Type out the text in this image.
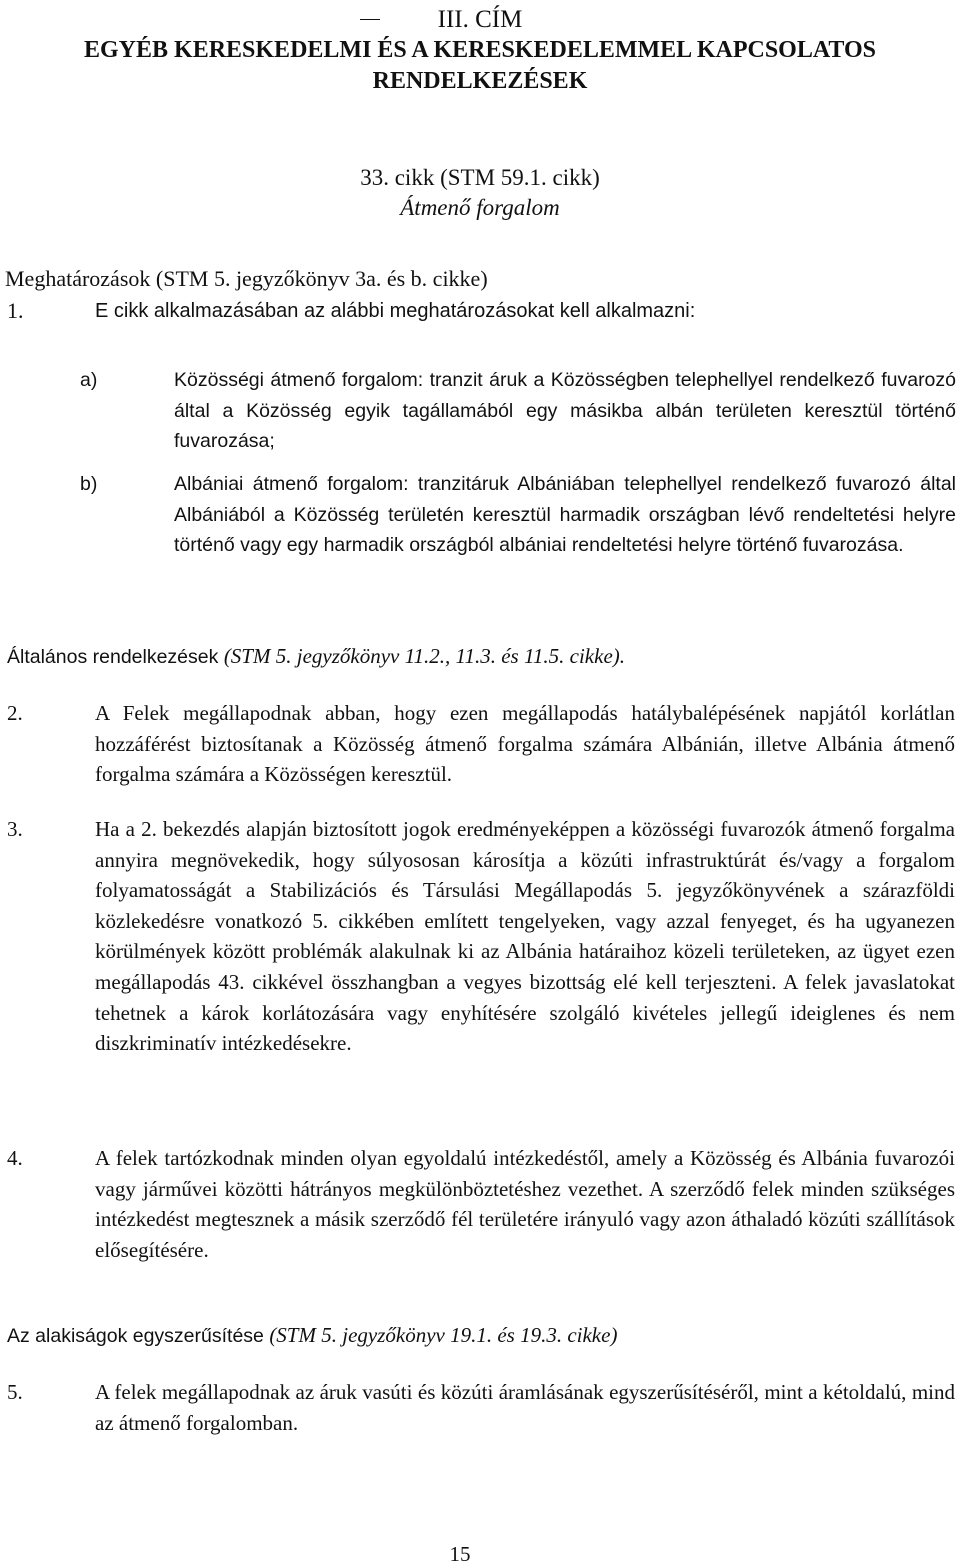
III. CÍM
EGYÉB KERESKEDELMI ÉS A KERESKEDELEMMEL KAPCSOLATOS
RENDELKEZÉSEK
33. cikk (STM 59.1. cikk)
Átmenő forgalom
Meghatározások (STM 5. jegyzőkönyv 3a. és b. cikke)
1.	E cikk alkalmazásában az alábbi meghatározásokat kell alkalmazni:
a)	Közösségi átmenő forgalom: tranzit áruk a Közösségben telephellyel rendelkező fuvarozó által a Közösség egyik tagállamából egy másikba albán területen keresztül történő fuvarozása;
b)	Albániai átmenő forgalom: tranzitáruk Albániában telephellyel rendelkező fuvarozó által Albániából a Közösség területén keresztül harmadik országban lévő rendeltetési helyre történő vagy egy harmadik országból albániai rendeltetési helyre történő fuvarozása.
Általános rendelkezések (STM 5. jegyzőkönyv 11.2., 11.3. és 11.5. cikke).
2.	A Felek megállapodnak abban, hogy ezen megállapodás hatálybalépésének napjától korlátlan hozzáférést biztosítanak a Közösség átmenő forgalma számára Albánián, illetve Albánia átmenő forgalma számára a Közösségen keresztül.
3.	Ha a 2. bekezdés alapján biztosított jogok eredményeképpen a közösségi fuvarozók átmenő forgalma annyira megnövekedik, hogy súlyososan károsítja a közúti infrastruktúrát és/vagy a forgalom folyamatosságát a Stabilizációs és Társulási Megállapodás 5. jegyzőkönyvének a szárazföldi közlekedésre vonatkozó 5. cikkében említett tengelyeken, vagy azzal fenyeget, és ha ugyanezen körülmények között problémák alakulnak ki az Albánia határaihoz közeli területeken, az ügyet ezen megállapodás 43. cikkével összhangban a vegyes bizottság elé kell terjeszteni. A felek javaslatokat tehetnek a károk korlátozására vagy enyhítésére szolgáló kivételes jellegű ideiglenes és nem diszkriminatív intézkedésekre.
4.	A felek tartózkodnak minden olyan egyoldalú intézkedéstől, amely a Közösség és Albánia fuvarozói vagy járművei közötti hátrányos megkülönböztetéshez vezethet. A szerződő felek minden szükséges intézkedést megtesznek a másik szerződő fél területére irányuló vagy azon áthaladó közúti szállítások elősegítésére.
Az alakiságok egyszerűsítése (STM 5. jegyzőkönyv 19.1. és 19.3. cikke)
5.	A felek megállapodnak az áruk vasúti és közúti áramlásának egyszerűsítéséről, mint a kétoldalú, mind az átmenő forgalomban.
15
